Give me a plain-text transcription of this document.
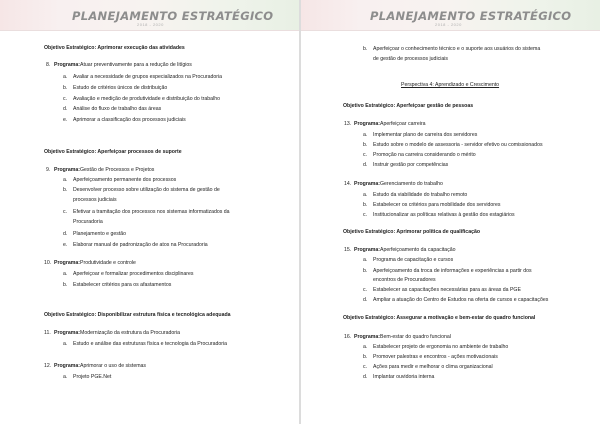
PLANEJAMENTO ESTRATÉGICO
2018 - 2020
Objetivo Estratégico: Aprimorar execução das atividades
8. Programa: Atuar preventivamente para a redução de litígios
a. Avaliar a necessidade de grupos especializados na Procuradoria
b. Estudo de critérios únicos de distribuição
c. Avaliação e medição de produtividade e distribuição do trabalho
d. Análise do fluxo de trabalho das áreas
e. Aprimorar a classificação dos processos judiciais
Objetivo Estratégico: Aperfeiçoar processos de suporte
9. Programa: Gestão de Processos e Projetos
a. Aperfeiçoamento permanente dos processos
b. Desenvolver processo sobre utilização do sistema de gestão de
processos judiciais
c. Efetivar a tramitação dos processos nos sistemas informatizados da
Procuradoria
d. Planejamento e gestão
e. Elaborar manual de padronização de atos na Procuradoria
10. Programa: Produtividade e controle
a. Aperfeiçoar e formalizar procedimentos disciplinares
b. Estabelecer critérios para os afastamentos
Objetivo Estratégico: Disponibilizar estrutura física e tecnológica adequada
11. Programa: Modernização da estrutura da Procuradoria
a. Estudo e análise das estruturas física e tecnologia da Procuradoria
12. Programa: Aprimorar o uso de sistemas
a. Projeto PGE.Net
PLANEJAMENTO ESTRATÉGICO
2018 - 2020
b. Aperfeiçoar o conhecimento técnico e o suporte aos usuários do sistema
de gestão de processos judiciais
Perspectiva 4: Aprendizado e Crescimento
Objetivo Estratégico: Aperfeiçoar gestão de pessoas
13. Programa: Aperfeiçoar carreira
a. Implementar plano de carreira dos servidores
b. Estudo sobre o modelo de assessoria - servidor efetivo ou comissionados
c. Promoção na carreira considerando o mérito
d. Instruir gestão por competências
14. Programa: Gerenciamento do trabalho
a. Estudo da viabilidade do trabalho remoto
b. Estabelecer os critérios para mobilidade dos servidores
c. Institucionalizar as políticas relativas à gestão dos estagiários
Objetivo Estratégico: Aprimorar política de qualificação
15. Programa: Aperfeiçoamento da capacitação
a. Programa de capacitação e cursos
b. Aperfeiçoamento da troca de informações e experiências a partir dos
encontros de Procuradores
c. Estabelecer as capacitações necessárias para as áreas da PGE
d. Ampliar a atuação do Centro de Estudos na oferta de cursos e capacitações
Objetivo Estratégico: Assegurar a motivação e bem-estar do quadro funcional
16. Programa: Bem-estar do quadro funcional
a. Estabelecer projeto de ergonomia no ambiente de trabalho
b. Promover palestras e encontros - ações motivacionais
c. Ações para medir e melhorar o clima organizacional
d. Implantar ouvidoria interna
